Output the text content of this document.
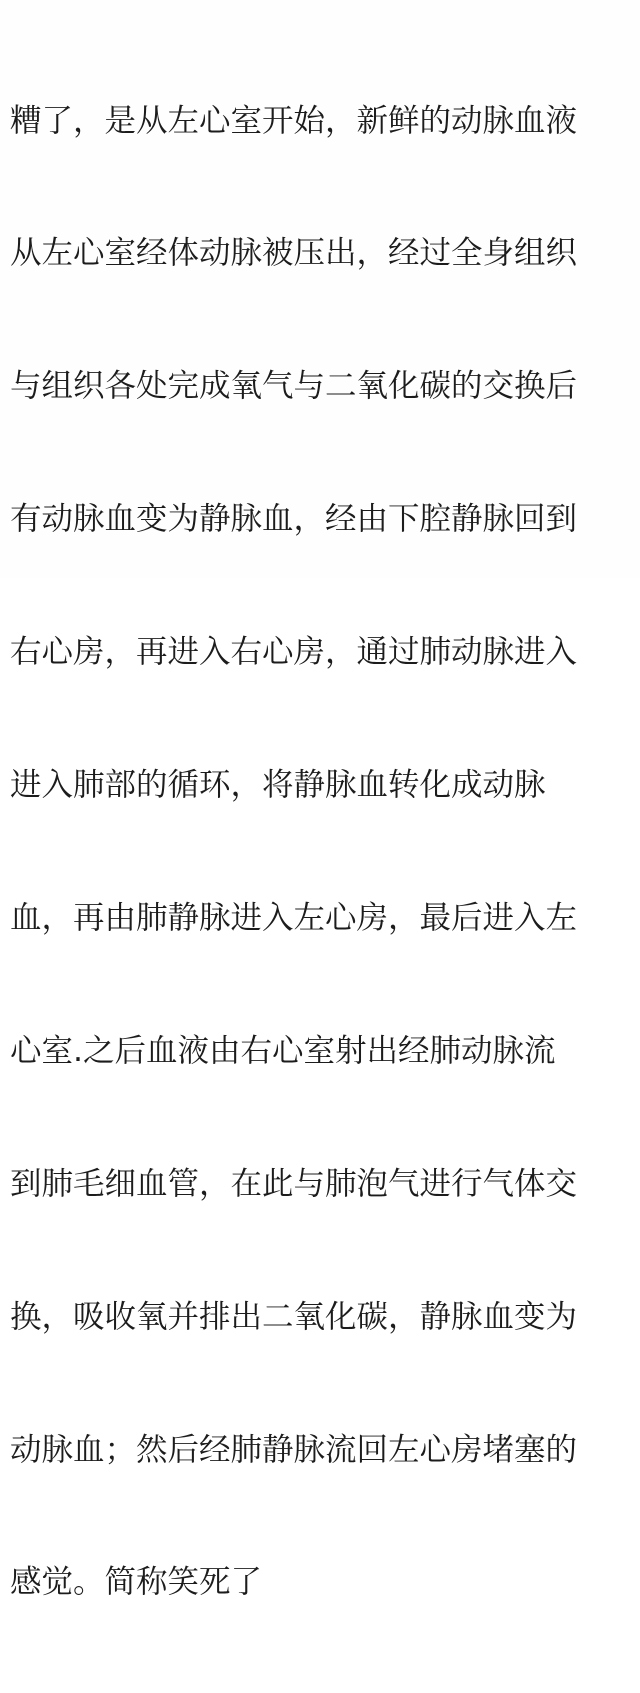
糟了，是从左心室开始，新鲜的动脉血液

从左心室经体动脉被压出，经过全身组织

与组织各处完成氧气与二氧化碳的交换后

有动脉血变为静脉血，经由下腔静脉回到

右心房，再进入右心房，通过肺动脉进入

进入肺部的循环，将静脉血转化成动脉

血，再由肺静脉进入左心房，最后进入左

心室.之后血液由右心室射出经肺动脉流

到肺毛细血管，在此与肺泡气进行气体交

换，吸收氧并排出二氧化碳，静脉血变为

动脉血；然后经肺静脉流回左心房堵塞的

感觉。简称笑死了
